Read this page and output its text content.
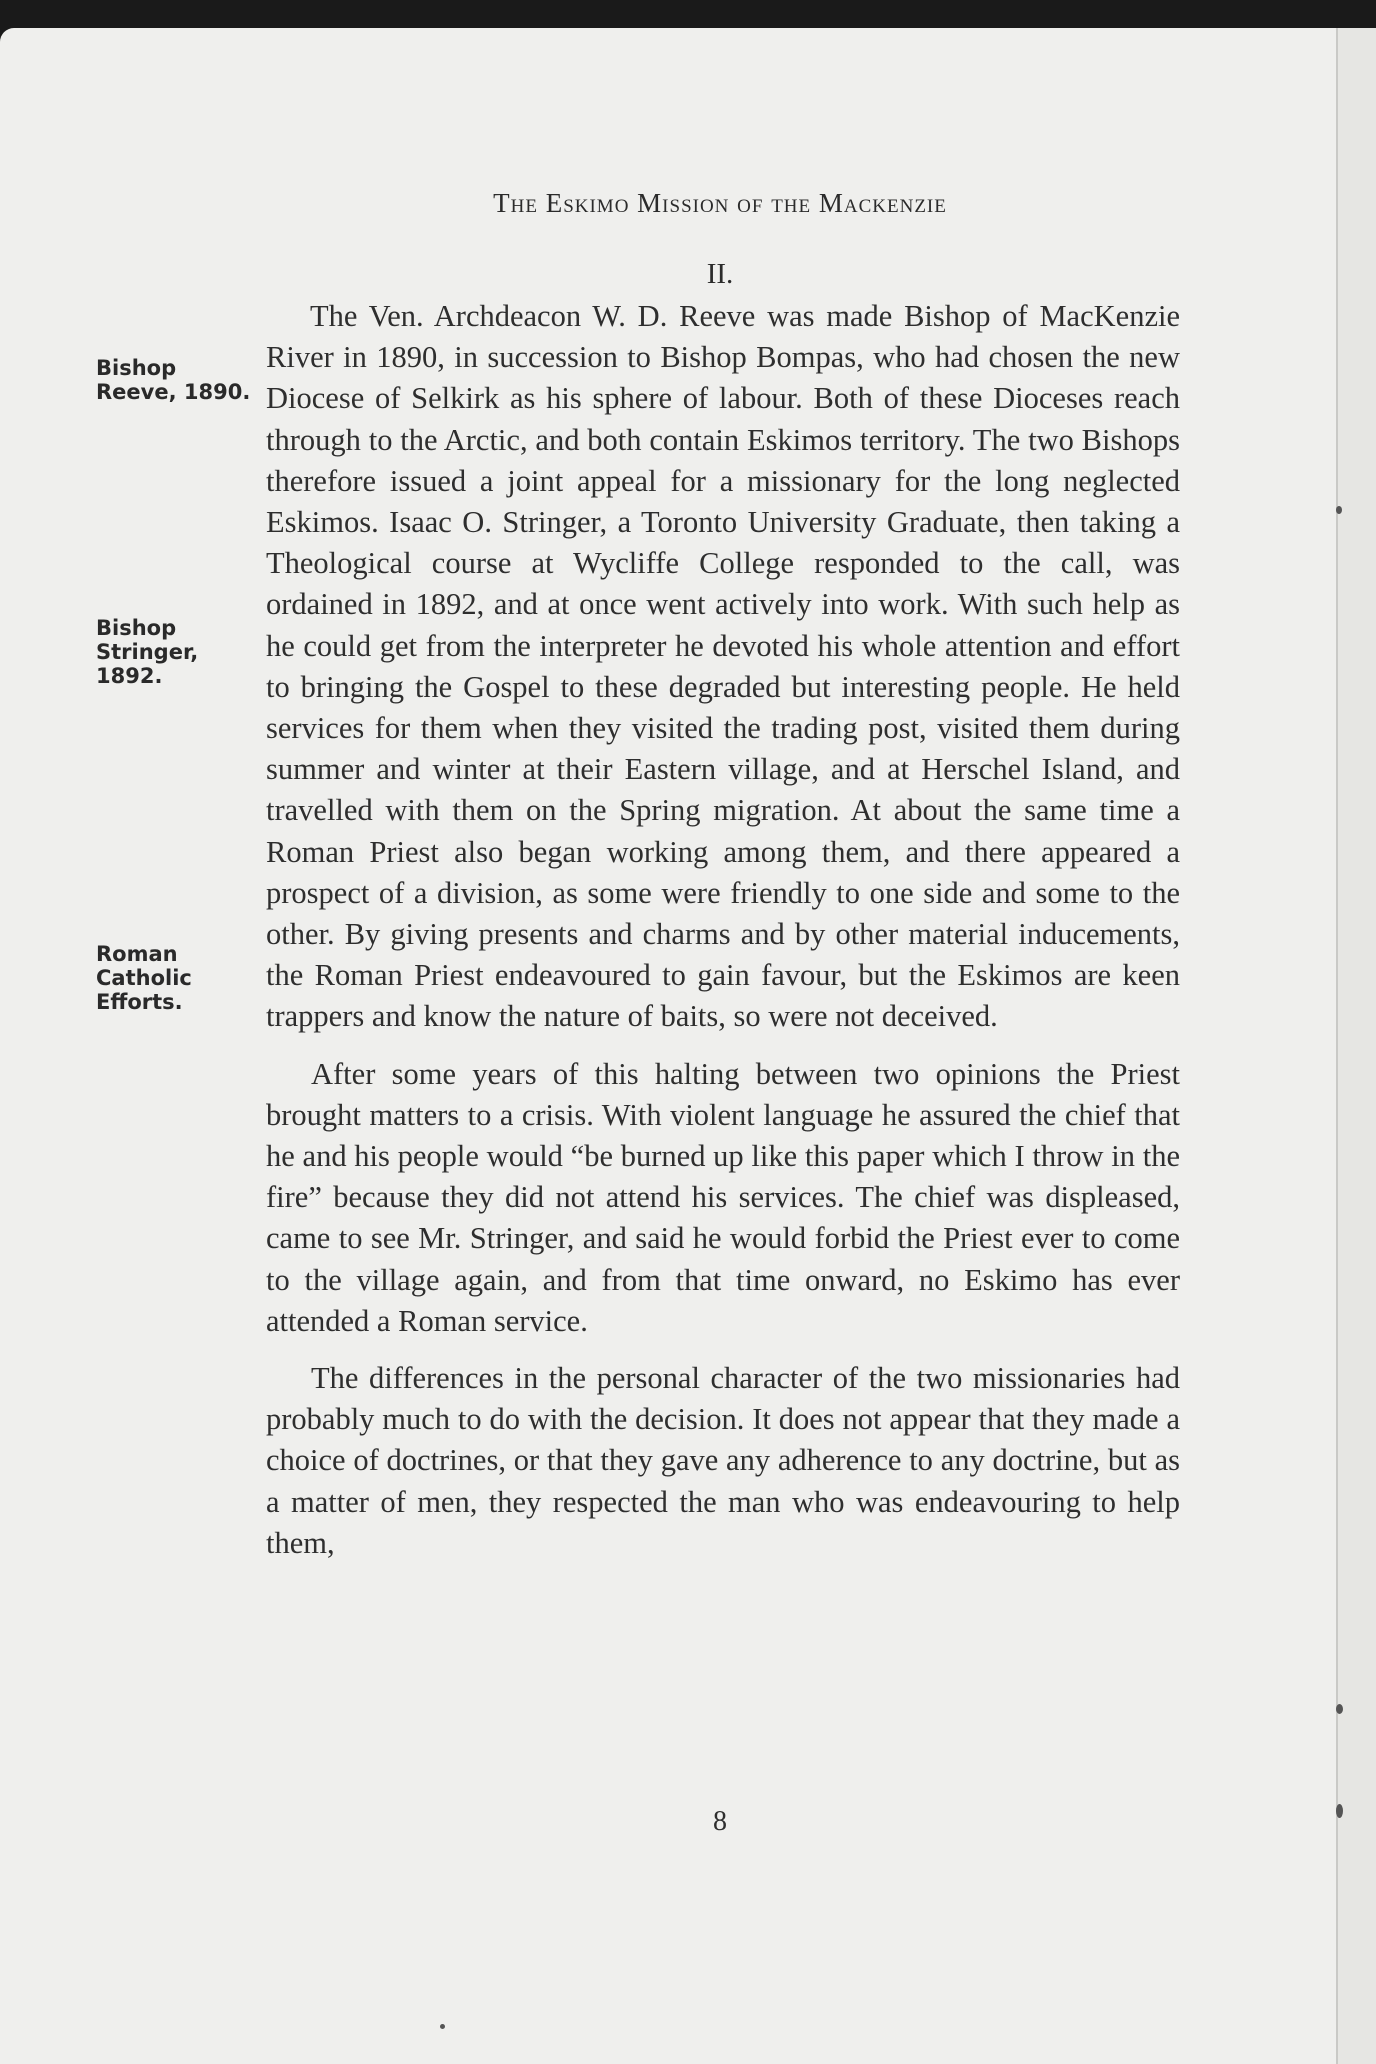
The Eskimo Mission of the Mackenzie
II.
Bishop Reeve, 1890.
Bishop Stringer, 1892.
Roman Catholic Efforts.

The Ven. Archdeacon W. D. Reeve was made Bishop of MacKenzie River in 1890, in succession to Bishop Bompas, who had chosen the new Diocese of Selkirk as his sphere of labour. Both of these Dioceses reach through to the Arctic, and both contain Eskimos territory. The two Bishops therefore issued a joint appeal for a missionary for the long neglected Eskimos. Isaac O. Stringer, a Toronto University Graduate, then taking a Theological course at Wycliffe College responded to the call, was ordained in 1892, and at once went actively into work. With such help as he could get from the interpreter he devoted his whole attention and effort to bringing the Gospel to these degraded but interesting people. He held services for them when they visited the trading post, visited them during summer and winter at their Eastern village, and at Herschel Island, and travelled with them on the Spring migration. At about the same time a Roman Priest also began working among them, and there appeared a prospect of a division, as some were friendly to one side and some to the other. By giving presents and charms and by other material inducements, the Roman Priest endeavoured to gain favour, but the Eskimos are keen trappers and know the nature of baits, so were not deceived.

After some years of this halting between two opinions the Priest brought matters to a crisis. With violent language he assured the chief that he and his people would “be burned up like this paper which I throw in the fire” because they did not attend his services. The chief was displeased, came to see Mr. Stringer, and said he would forbid the Priest ever to come to the village again, and from that time onward, no Eskimo has ever attended a Roman service.

The differences in the personal character of the two missionaries had probably much to do with the decision. It does not appear that they made a choice of doctrines, or that they gave any adherence to any doctrine, but as a matter of men, they respected the man who was endeavouring to help them,

8
